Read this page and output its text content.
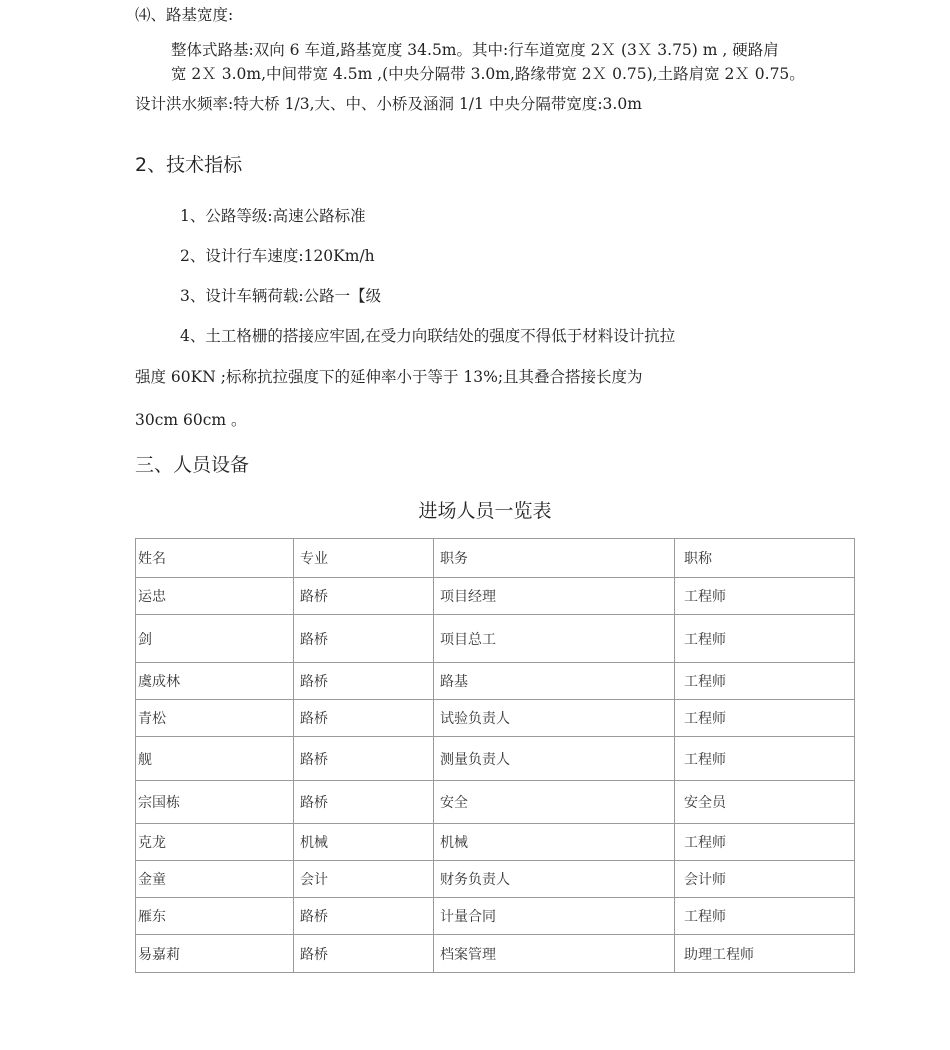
⑷、路基宽度:
整体式路基:双向 6 车道,路基宽度 34.5m。其中:行车道宽度 2Ｘ (3Ｘ 3.75) m , 硬路肩
宽 2Ｘ 3.0m,中间带宽 4.5m ,(中央分隔带 3.0m,路缘带宽 2Ｘ 0.75),土路肩宽 2Ｘ 0.75。
设计洪水频率:特大桥 1/3,大、中、小桥及涵洞 1/1 中央分隔带宽度:3.0m
2、技术指标
1、公路等级:高速公路标准
2、设计行车速度:120Km/h
3、设计车辆荷载:公路一【级
4、土工格栅的搭接应牢固,在受力向联结处的强度不得低于材料设计抗拉
强度 60KN ;标称抗拉强度下的延伸率小于等于 13%;且其叠合搭接长度为
30cm 60cm 。
三、人员设备
进场人员一览表
姓名	专业	职务	职称
运忠	路桥	项目经理	工程师
剑	路桥	项目总工	工程师
虞成林	路桥	路基	工程师
青松	路桥	试验负责人	工程师
舰	路桥	测量负责人	工程师
宗国栋	路桥	安全	安全员
克龙	机械	机械	工程师
金童	会计	财务负责人	会计师
雁东	路桥	计量合同	工程师
易嘉莉	路桥	档案管理	助理工程师
